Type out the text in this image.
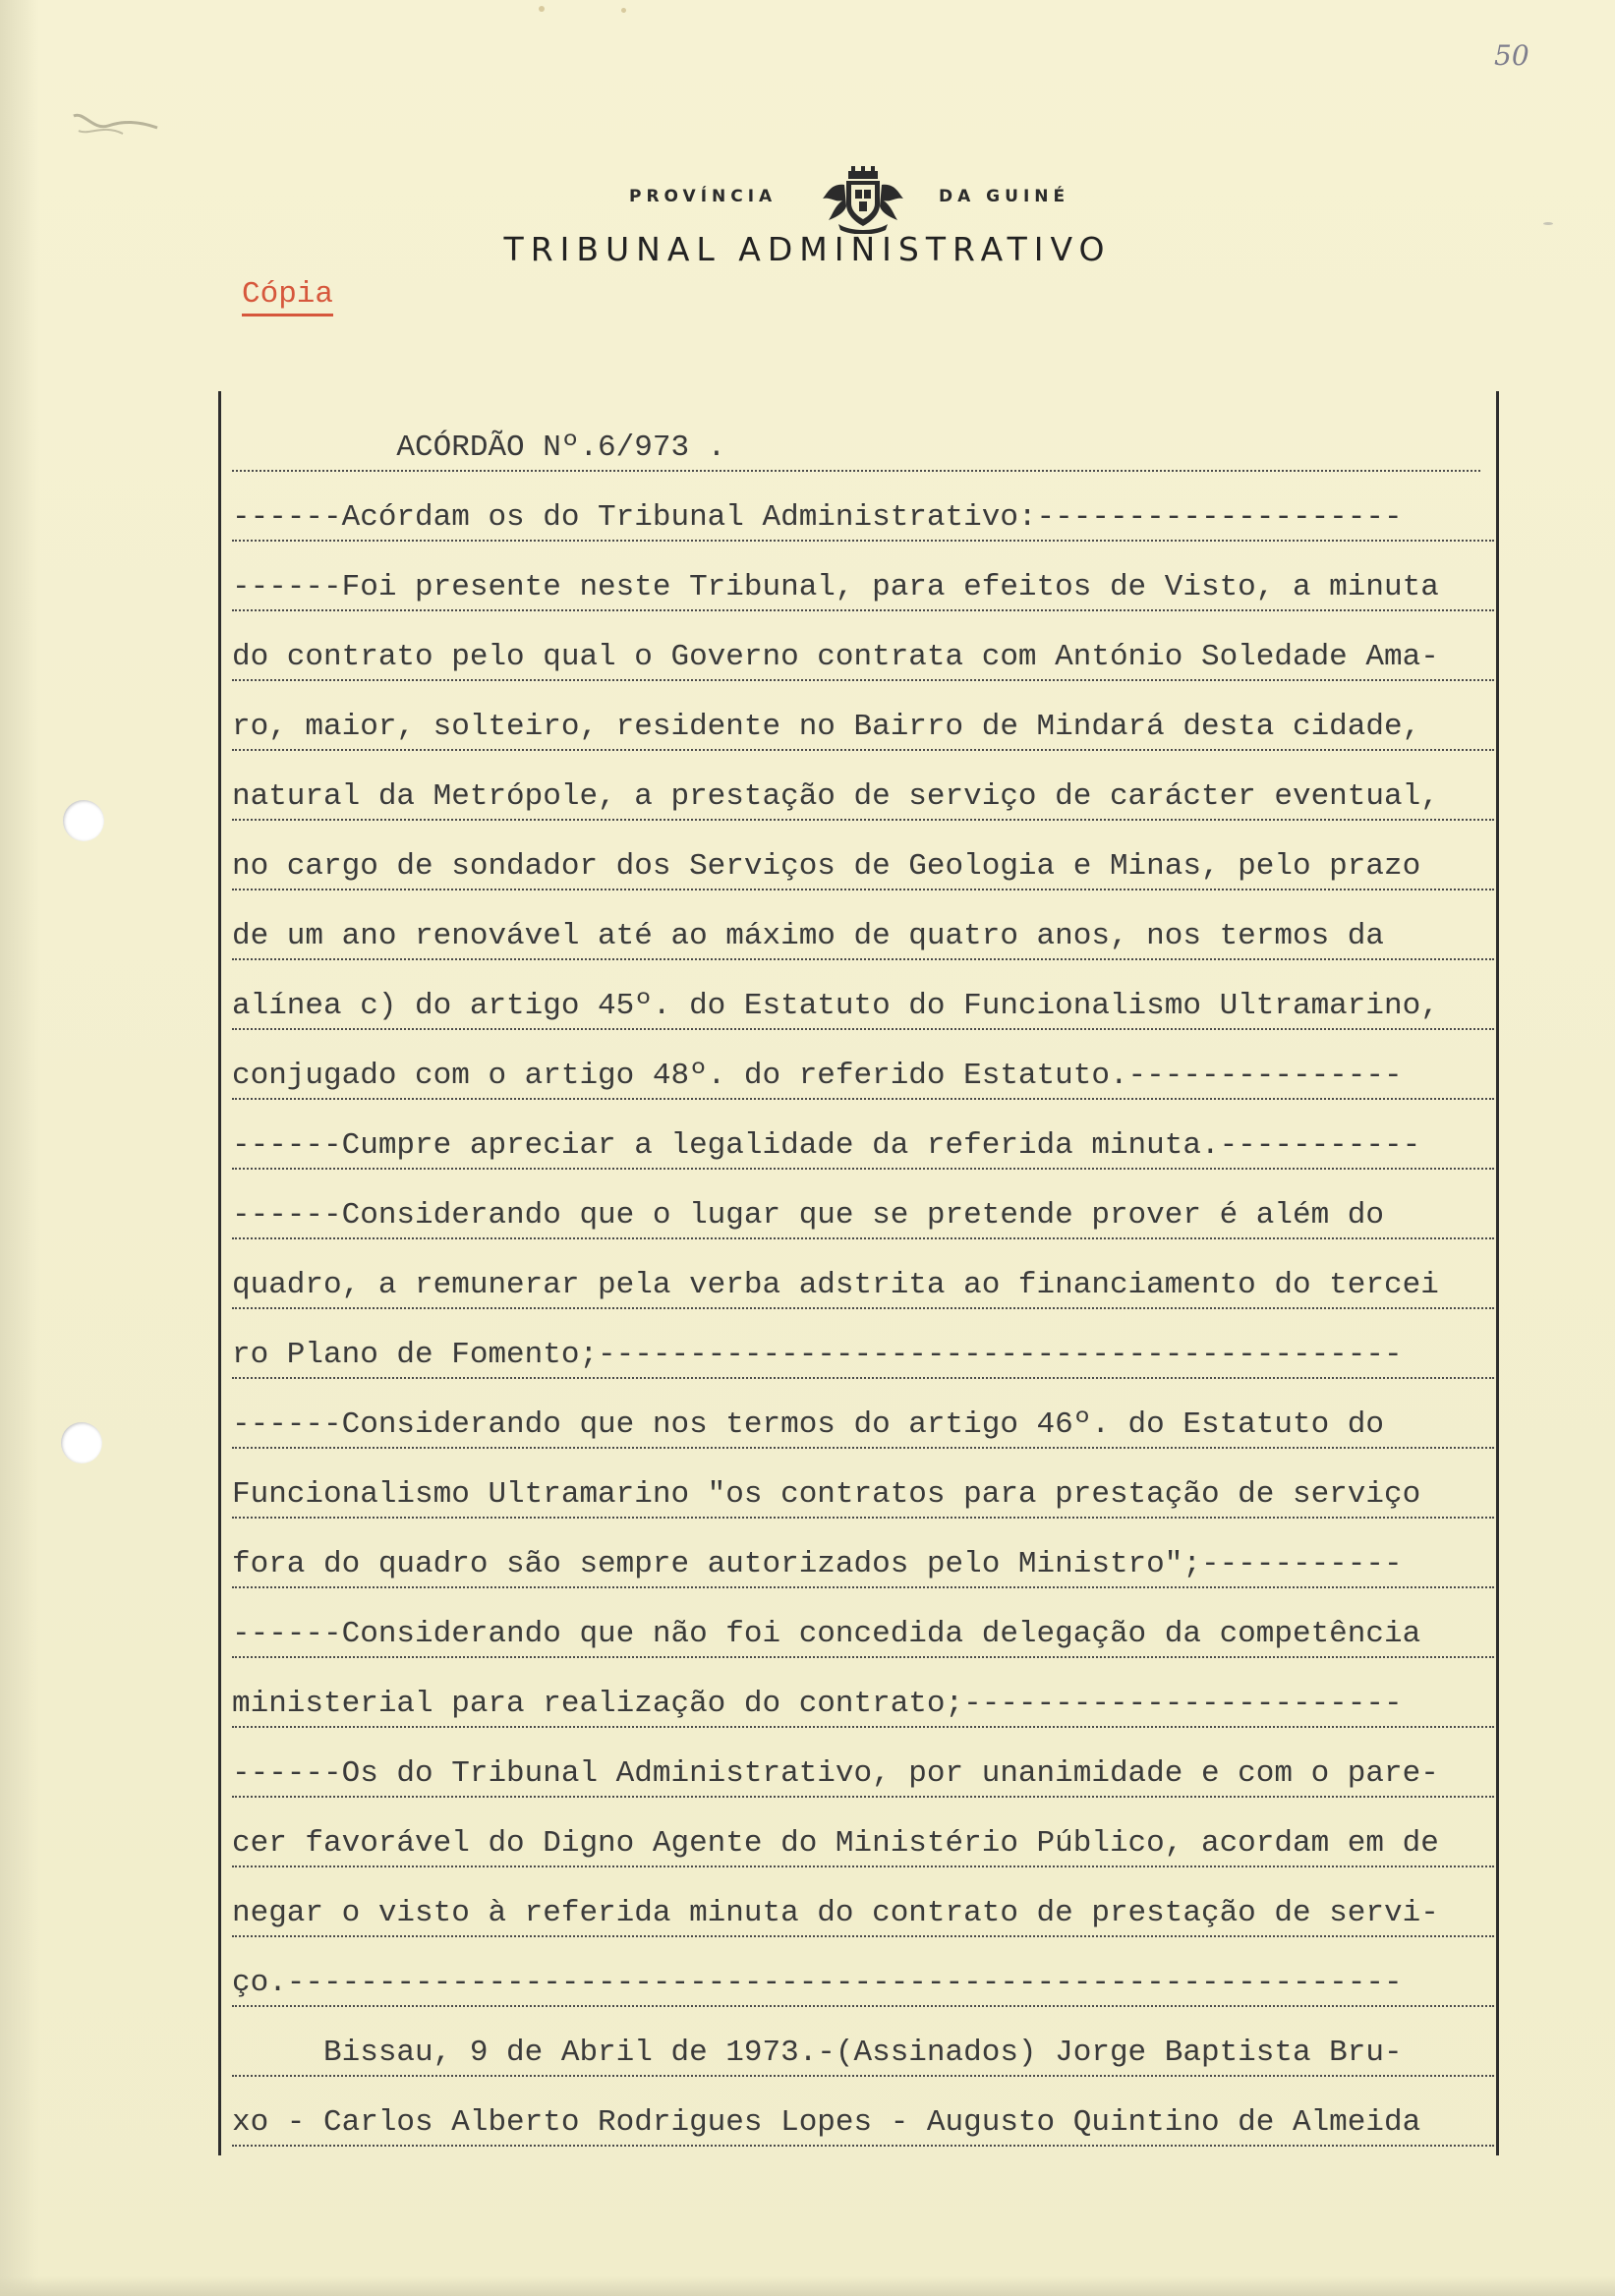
50
PROVÍNCIA	DA GUINÉ
TRIBUNAL ADMINISTRATIVO
Cópia
ACÓRDÃO Nº.6/973 .
------Acórdam os do Tribunal Administrativo:--------------------
------Foi presente neste Tribunal, para efeitos de Visto, a minuta
do contrato pelo qual o Governo contrata com António Soledade Ama-
ro, maior, solteiro, residente no Bairro de Mindará desta cidade,
natural da Metrópole, a prestação de serviço de carácter eventual,
no cargo de sondador dos Serviços de Geologia e Minas, pelo prazo
de um ano renovável até ao máximo de quatro anos, nos termos da
alínea c) do artigo 45º. do Estatuto do Funcionalismo Ultramarino,
conjugado com o artigo 48º. do referido Estatuto.---------------
------Cumpre apreciar a legalidade da referida minuta.-----------
------Considerando que o lugar que se pretende prover é além do
quadro, a remunerar pela verba adstrita ao financiamento do tercei
ro Plano de Fomento;--------------------------------------------
------Considerando que nos termos do artigo 46º. do Estatuto do
Funcionalismo Ultramarino "os contratos para prestação de serviço
fora do quadro são sempre autorizados pelo Ministro";-----------
------Considerando que não foi concedida delegação da competência
ministerial para realização do contrato;------------------------
------Os do Tribunal Administrativo, por unanimidade e com o pare-
cer favorável do Digno Agente do Ministério Público, acordam em de
negar o visto à referida minuta do contrato de prestação de servi-
ço.-------------------------------------------------------------
Bissau, 9 de Abril de 1973.-(Assinados) Jorge Baptista Bru-
xo - Carlos Alberto Rodrigues Lopes - Augusto Quintino de Almeida
